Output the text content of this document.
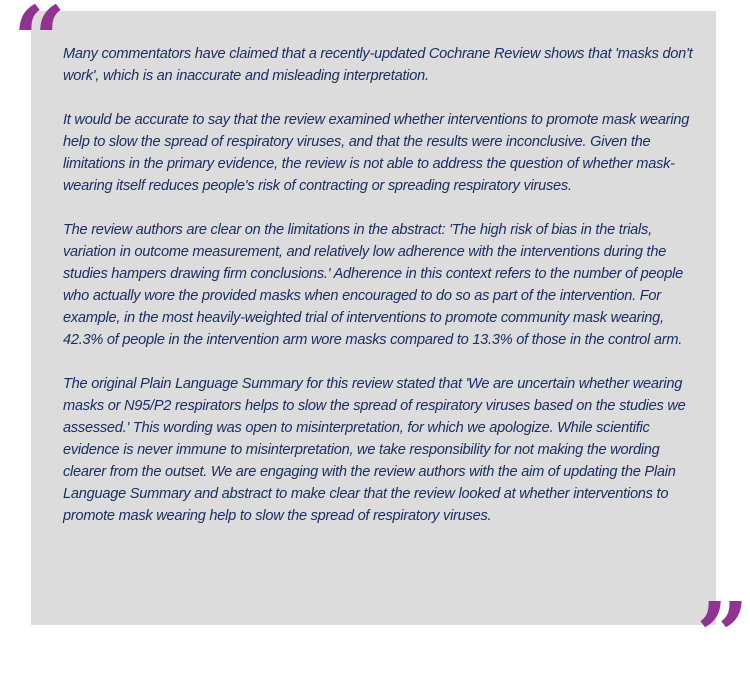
“

Many commentators have claimed that a recently-updated Cochrane Review shows that 'masks don't work', which is an inaccurate and misleading interpretation.

It would be accurate to say that the review examined whether interventions to promote mask wearing help to slow the spread of respiratory viruses, and that the results were inconclusive. Given the limitations in the primary evidence, the review is not able to address the question of whether mask-wearing itself reduces people's risk of contracting or spreading respiratory viruses.

The review authors are clear on the limitations in the abstract: 'The high risk of bias in the trials, variation in outcome measurement, and relatively low adherence with the interventions during the studies hampers drawing firm conclusions.' Adherence in this context refers to the number of people who actually wore the provided masks when encouraged to do so as part of the intervention. For example, in the most heavily-weighted trial of interventions to promote community mask wearing, 42.3% of people in the intervention arm wore masks compared to 13.3% of those in the control arm.

The original Plain Language Summary for this review stated that 'We are uncertain whether wearing masks or N95/P2 respirators helps to slow the spread of respiratory viruses based on the studies we assessed.' This wording was open to misinterpretation, for which we apologize. While scientific evidence is never immune to misinterpretation, we take responsibility for not making the wording clearer from the outset. We are engaging with the review authors with the aim of updating the Plain Language Summary and abstract to make clear that the review looked at whether interventions to promote mask wearing help to slow the spread of respiratory viruses.

”
